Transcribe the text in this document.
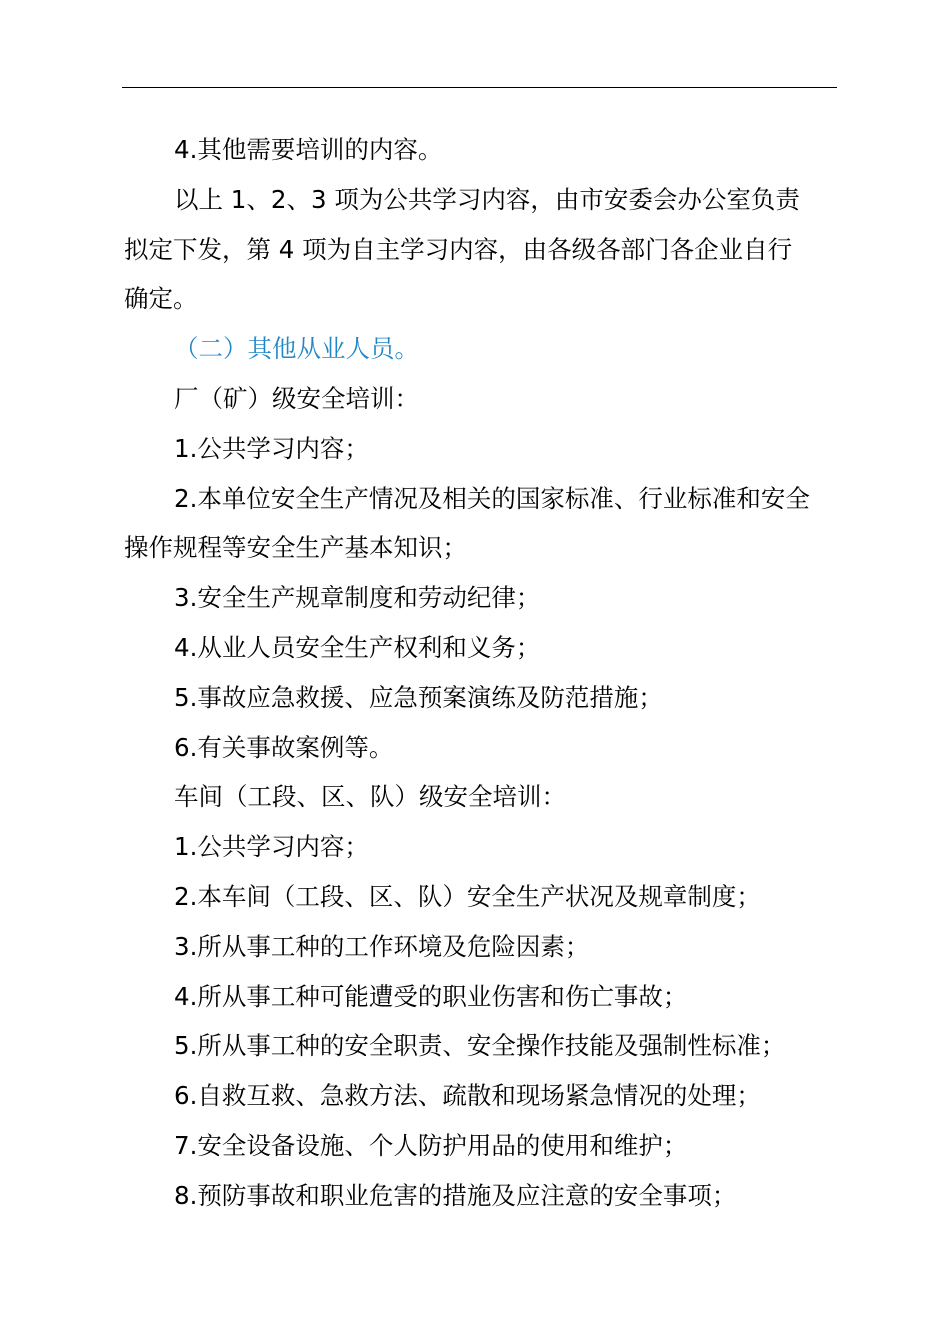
4.其他需要培训的内容。
以上 1、2、3 项为公共学习内容，由市安委会办公室负责
拟定下发，第 4 项为自主学习内容，由各级各部门各企业自行
确定。
（二）其他从业人员。
厂（矿）级安全培训：
1.公共学习内容；
2.本单位安全生产情况及相关的国家标准、行业标准和安全
操作规程等安全生产基本知识；
3.安全生产规章制度和劳动纪律；
4.从业人员安全生产权利和义务；
5.事故应急救援、应急预案演练及防范措施；
6.有关事故案例等。
车间（工段、区、队）级安全培训：
1.公共学习内容；
2.本车间（工段、区、队）安全生产状况及规章制度；
3.所从事工种的工作环境及危险因素；
4.所从事工种可能遭受的职业伤害和伤亡事故；
5.所从事工种的安全职责、安全操作技能及强制性标准；
6.自救互救、急救方法、疏散和现场紧急情况的处理；
7.安全设备设施、个人防护用品的使用和维护；
8.预防事故和职业危害的措施及应注意的安全事项；
